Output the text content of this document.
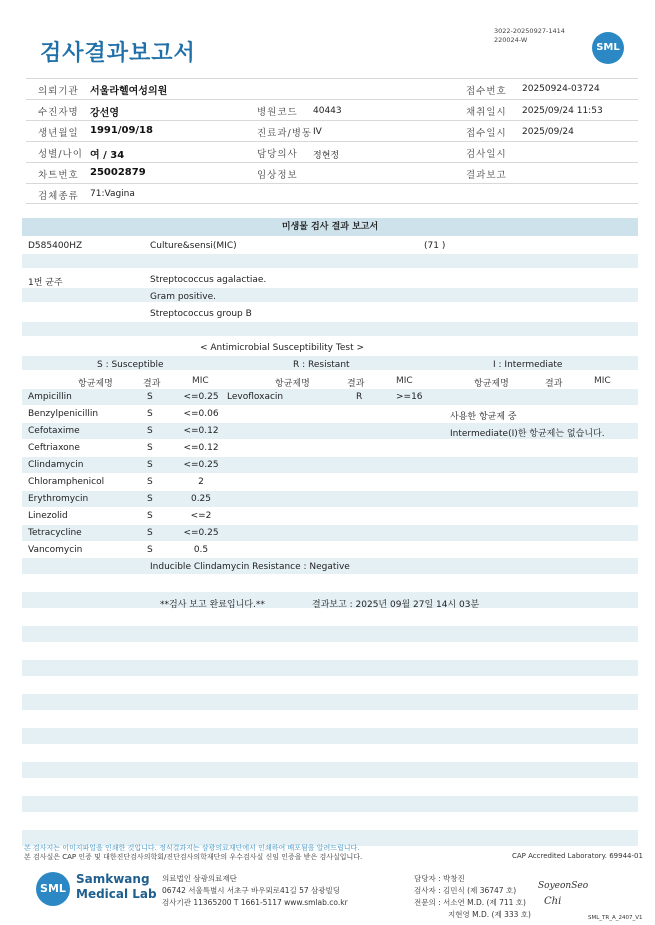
검사결과보고서
3022-20250927-1414
220024-W
SML
의뢰기관 서울라헬여성의원	접수번호 20250924-03724
수진자명 강선영	병원코드 40443	채취일시 2025/09/24 11:53
생년월일 1991/09/18	진료과/병동 IV	접수일시 2025/09/24
성별/나이 여 / 34	담당의사 정현정	검사일시
차트번호 25002879	임상정보	결과보고
검체종류 71:Vagina
미생물 검사 결과 보고서
D585400HZ	Culture&sensi(MIC)	(71 )
1번 균주	Streptococcus agalactiae.
Gram positive.
Streptococcus group B
< Antimicrobial Susceptibility Test >
S : Susceptible	R : Resistant	I : Intermediate
항균제명	결과	MIC	항균제명	결과	MIC	항균제명	결과	MIC
Ampicillin	S	<=0.25 Levofloxacin	R	>=16
Benzylpenicillin	S	<=0.06	사용한 항균제 중
Cefotaxime	S	<=0.12	Intermediate(I)한 항균제는 없습니다.
Ceftriaxone	S	<=0.12
Clindamycin	S	<=0.25
Chloramphenicol	S	2
Erythromycin	S	0.25
Linezolid	S	<=2
Tetracycline	S	<=0.25
Vancomycin	S	0.5
Inducible Clindamycin Resistance : Negative
**검사 보고 완료입니다.**	결과보고 : 2025년 09월 27일 14시 03분
본 검사지는 이미지파일을 인쇄한 것입니다. 정식결과지는 삼광의료재단에서 인쇄하여 배포됨을 알려드립니다.
본 검사실은 CAP 인증 및 대한진단검사의학회/진단검사의학재단의 우수검사실 신임 인증을 받은 검사실입니다.	CAP Accredited Laboratory. 69944-01
SML
Samkwang
Medical Lab
의료법인 삼광의료재단
06742 서울특별시 서초구 바우뫼로41길 57 삼광빌딩
검사기관 11365200 T 1661-5117 www.smlab.co.kr
담당자 : 박창진
검사자 : 김민식 (제 36747 호)
전문의 : 서소연 M.D. (제 711 호)
지현영 M.D. (제 333 호)
SoyeonSeo
Chi
SML_TR_A_2407_V1
